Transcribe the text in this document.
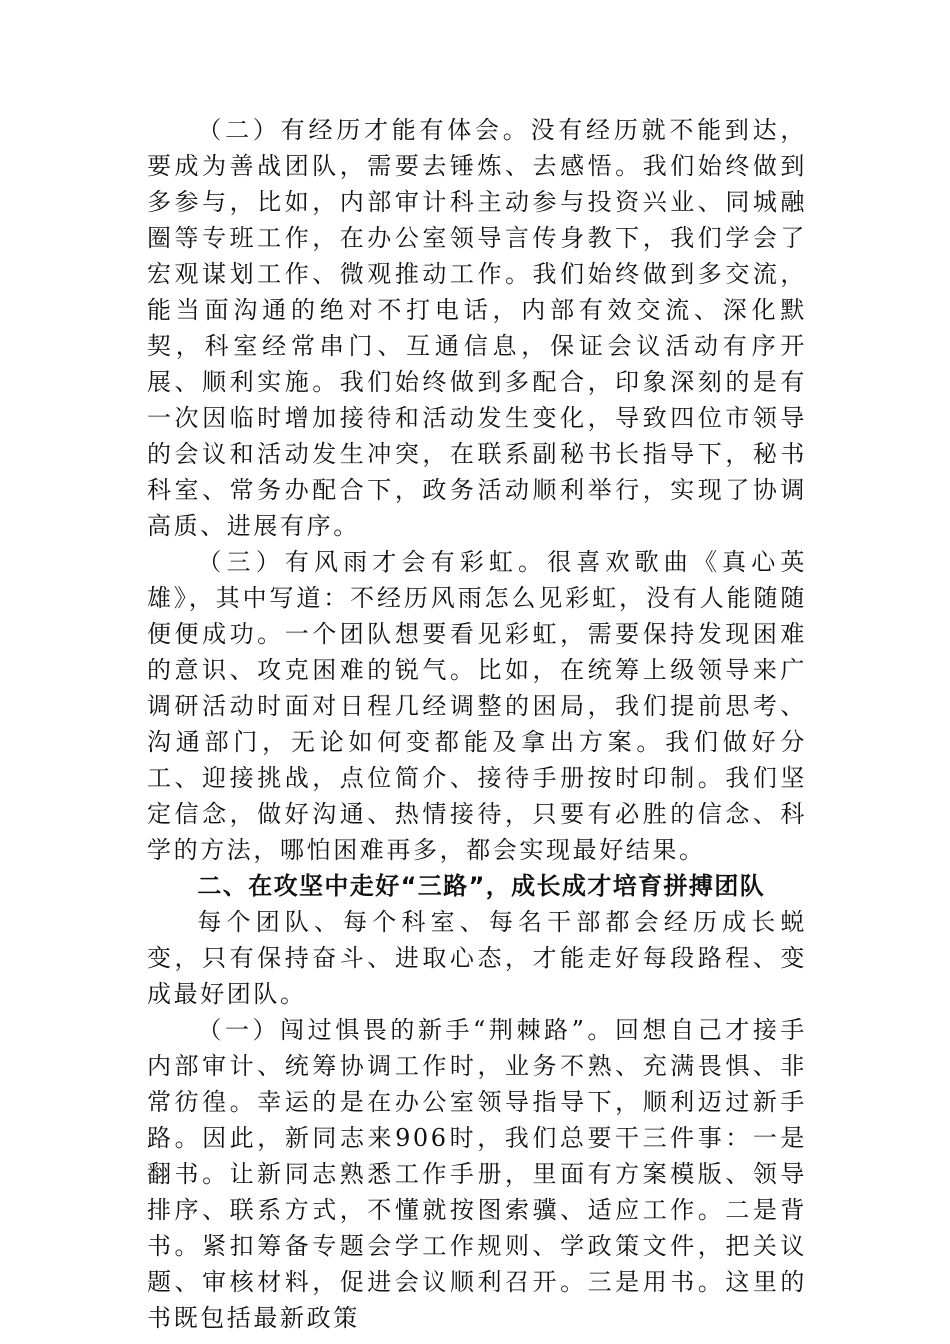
（二）有经历才能有体会。没有经历就不能到达，要成为善战团队，需要去锤炼、去感悟。我们始终做到多参与，比如，内部审计科主动参与投资兴业、同城融圈等专班工作，在办公室领导言传身教下，我们学会了宏观谋划工作、微观推动工作。我们始终做到多交流，能当面沟通的绝对不打电话，内部有效交流、深化默契，科室经常串门、互通信息，保证会议活动有序开展、顺利实施。我们始终做到多配合，印象深刻的是有一次因临时增加接待和活动发生变化，导致四位市领导的会议和活动发生冲突，在联系副秘书长指导下，秘书科室、常务办配合下，政务活动顺利举行，实现了协调高质、进展有序。

（三）有风雨才会有彩虹。很喜欢歌曲《真心英雄》，其中写道：不经历风雨怎么见彩虹，没有人能随随便便成功。一个团队想要看见彩虹，需要保持发现困难的意识、攻克困难的锐气。比如，在统筹上级领导来广调研活动时面对日程几经调整的困局，我们提前思考、沟通部门，无论如何变都能及拿出方案。我们做好分工、迎接挑战，点位简介、接待手册按时印制。我们坚定信念，做好沟通、热情接待，只要有必胜的信念、科学的方法，哪怕困难再多，都会实现最好结果。

二、在攻坚中走好“三路”，成长成才培育拼搏团队

每个团队、每个科室、每名干部都会经历成长蜕变，只有保持奋斗、进取心态，才能走好每段路程、变成最好团队。

（一）闯过惧畏的新手“荆棘路”。回想自己才接手内部审计、统筹协调工作时，业务不熟、充满畏惧、非常彷徨。幸运的是在办公室领导指导下，顺利迈过新手路。因此，新同志来906时，我们总要干三件事：一是翻书。让新同志熟悉工作手册，里面有方案模版、领导排序、联系方式，不懂就按图索骥、适应工作。二是背书。紧扣筹备专题会学工作规则、学政策文件，把关议题、审核材料，促进会议顺利召开。三是用书。这里的书既包括最新政策
